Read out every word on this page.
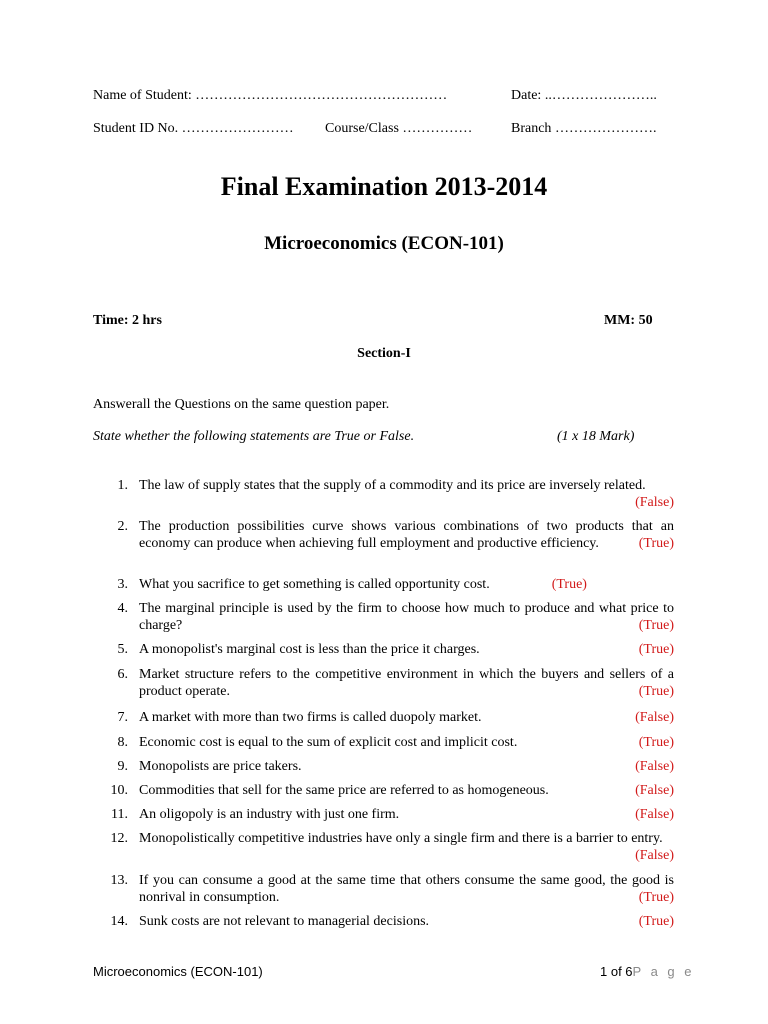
Name of Student: ………………………………………………	Date: ..…………………..
Student ID No. …………………… Course/Class ……………	Branch ………………….
Final Examination 2013-2014
Microeconomics (ECON-101)
Time: 2 hrs	MM: 50
Section-I
Answerall the Questions on the same question paper.
State whether the following statements are True or False.	(1 x 18 Mark)
1. The law of supply states that the supply of a commodity and its price are inversely related.
(False)
2. The production possibilities curve shows various combinations of two products that an economy can produce when achieving full employment and productive efficiency.	(True)
3. What you sacrifice to get something is called opportunity cost.	(True)
4. The marginal principle is used by the firm to choose how much to produce and what price to charge?	(True)
5. A monopolist's marginal cost is less than the price it charges.	(True)
6. Market structure refers to the competitive environment in which the buyers and sellers of a product operate.	(True)
7. A market with more than two firms is called duopoly market.	(False)
8. Economic cost is equal to the sum of explicit cost and implicit cost.	(True)
9. Monopolists are price takers.	(False)
10. Commodities that sell for the same price are referred to as homogeneous.	(False)
11. An oligopoly is an industry with just one firm.	(False)
12. Monopolistically competitive industries have only a single firm and there is a barrier to entry.
(False)
13. If you can consume a good at the same time that others consume the same good, the good is nonrival in consumption.	(True)
14. Sunk costs are not relevant to managerial decisions.	(True)
Microeconomics (ECON-101)	1 of 6P a g e
